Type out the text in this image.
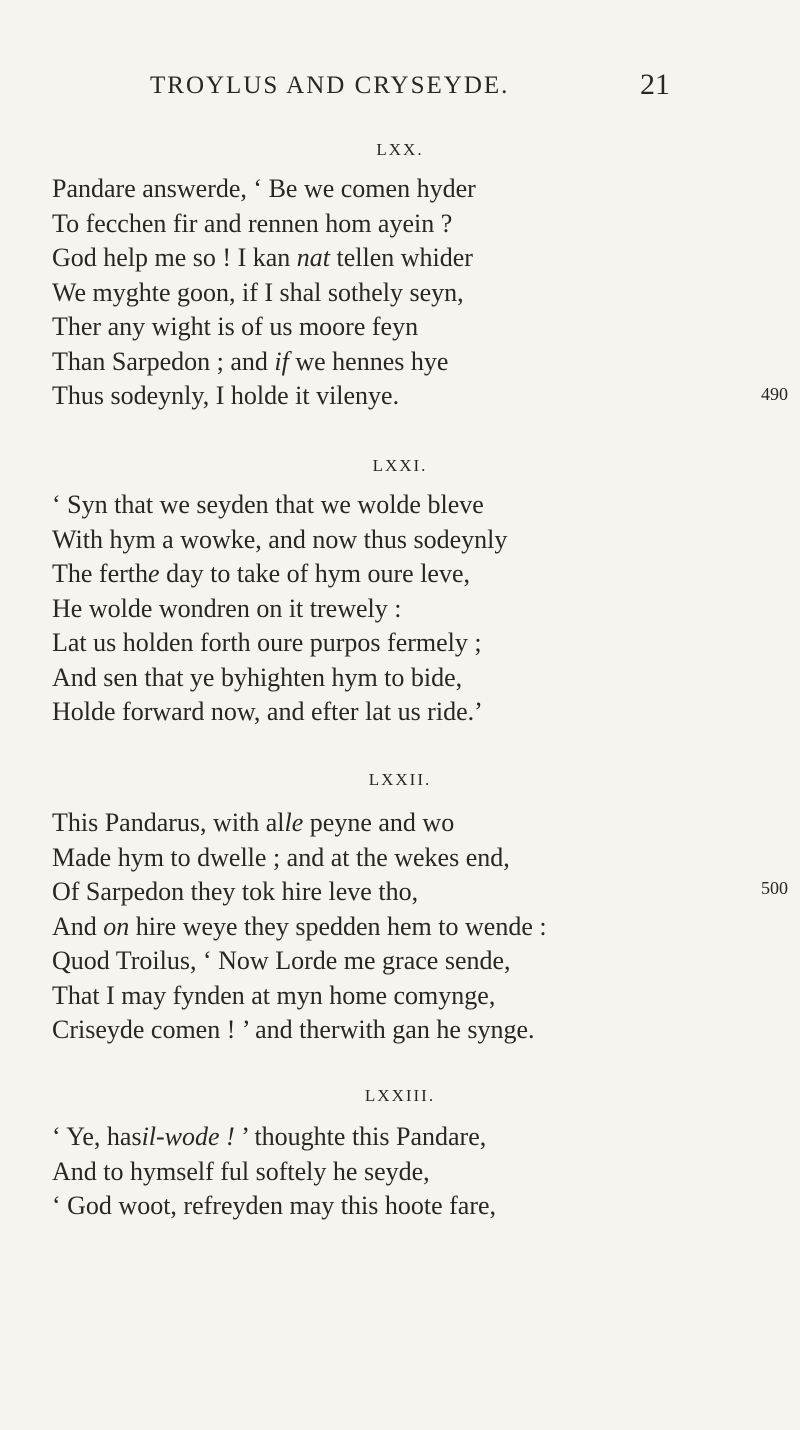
TROYLUS AND CRYSEYDE.	21
LXX.
Pandare answerde, ‘ Be we comen hyder
To fecchen fir and rennen hom ayein ?
God help me so ! I kan nat tellen whider
We myghte goon, if I shal sothely seyn,
Ther any wight is of us moore feyn
Than Sarpedon ; and if we hennes hye
Thus sodeynly, I holde it vilenye.	490
LXXI.
‘ Syn that we seyden that we wolde bleve
With hym a wowke, and now thus sodeynly
The ferthe day to take of hym oure leve,
He wolde wondren on it trewely :
Lat us holden forth oure purpos fermely ;
And sen that ye byhighten hym to bide,
Holde forward now, and efter lat us ride.’
LXXII.
This Pandarus, with alle peyne and wo
Made hym to dwelle ; and at the wekes end,
Of Sarpedon they tok hire leve tho,
And on hire weye they spedden hem to wende :
Quod Troilus, ‘ Now Lorde me grace sende,
That I may fynden at myn home comynge,
Criseyde comen ! ’ and therwith gan he synge.
500
LXXIII.
‘ Ye, hasil-wode ! ’ thoughte this Pandare,
And to hymself ful softely he seyde,
‘ God woot, refreyden may this hoote fare,
